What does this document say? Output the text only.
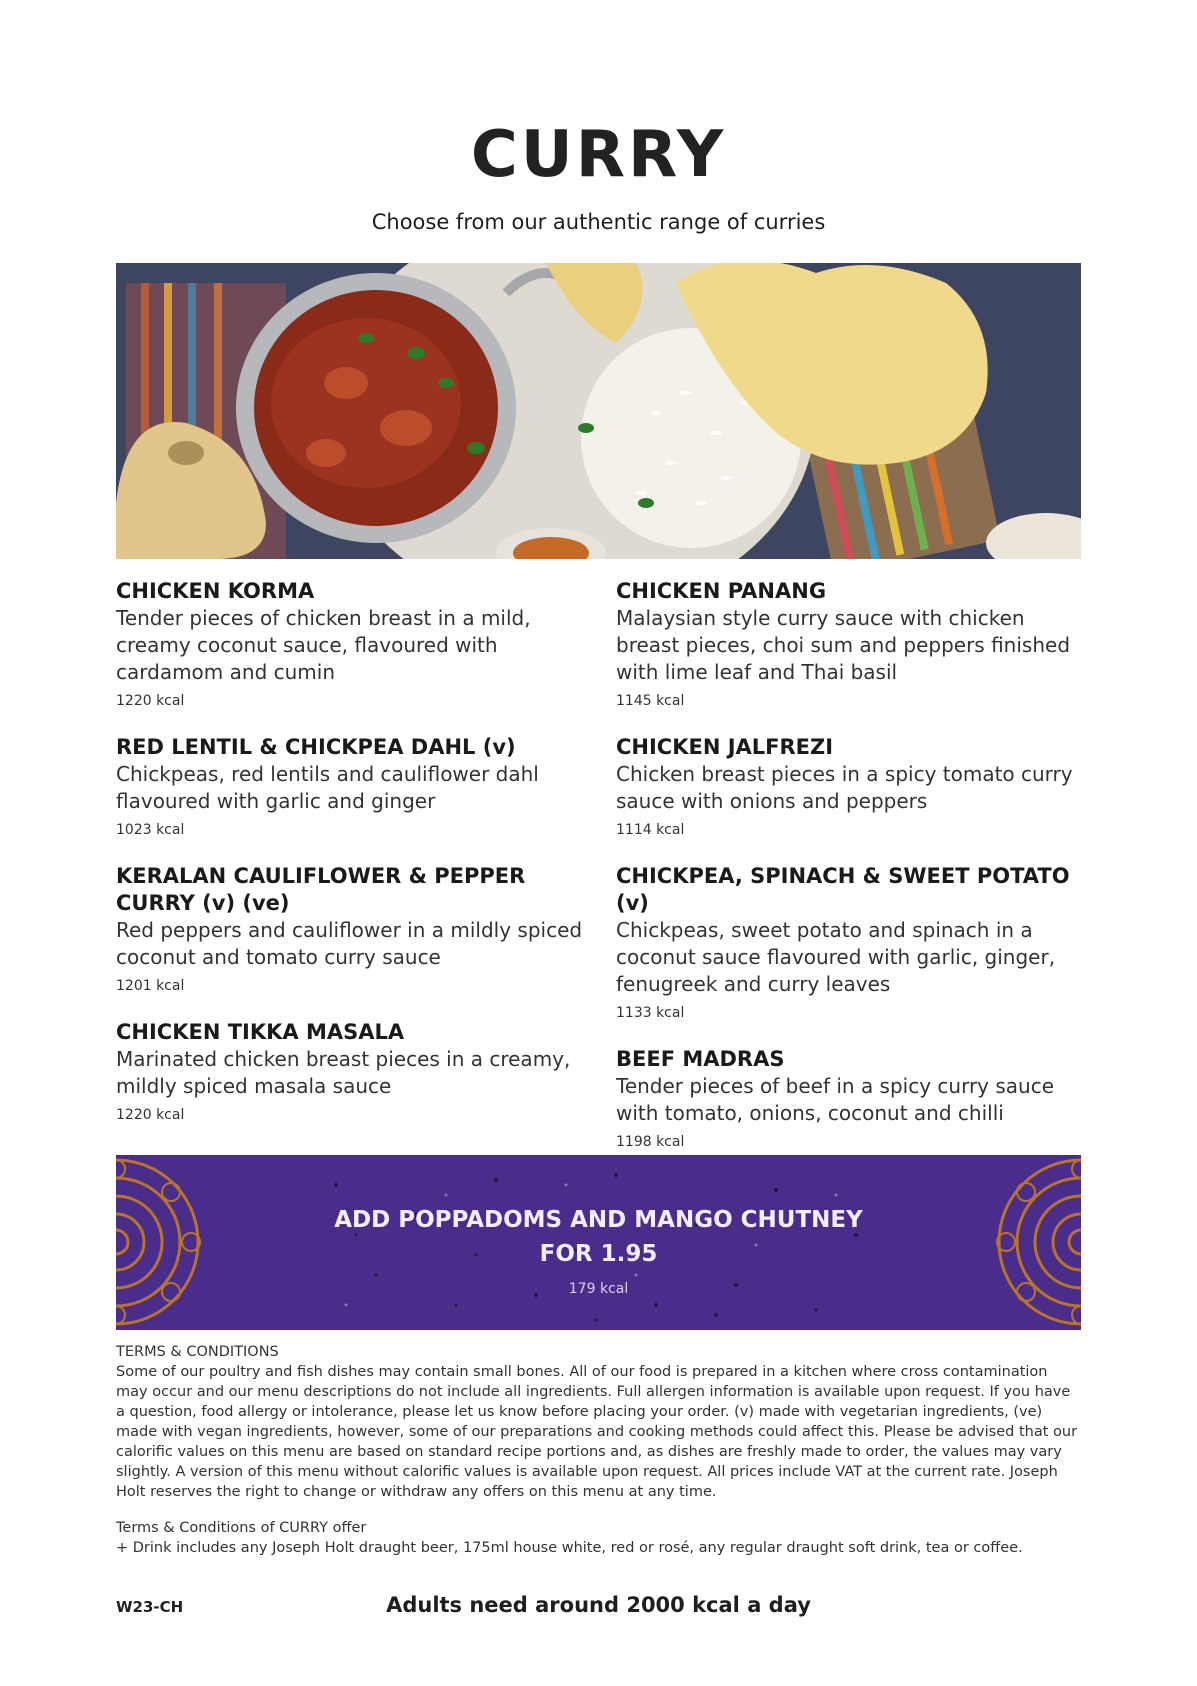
CURRY
Choose from our authentic range of curries

CHICKEN KORMA

Tender pieces of chicken breast in a mild, creamy coconut sauce, flavoured with cardamom and cumin

1220 kcal

RED LENTIL & CHICKPEA DAHL (v)

Chickpeas, red lentils and cauliflower dahl flavoured with garlic and ginger

1023 kcal

KERALAN CAULIFLOWER & PEPPER CURRY (v) (ve)

Red peppers and cauliflower in a mildly spiced coconut and tomato curry sauce

1201 kcal

CHICKEN TIKKA MASALA

Marinated chicken breast pieces in a creamy, mildly spiced masala sauce

1220 kcal

CHICKEN PANANG

Malaysian style curry sauce with chicken breast pieces, choi sum and peppers finished with lime leaf and Thai basil

1145 kcal

CHICKEN JALFREZI

Chicken breast pieces in a spicy tomato curry sauce with onions and peppers

1114 kcal

CHICKPEA, SPINACH & SWEET POTATO (v)

Chickpeas, sweet potato and spinach in a coconut sauce flavoured with garlic, ginger, fenugreek and curry leaves

1133 kcal

BEEF MADRAS

Tender pieces of beef in a spicy curry sauce with tomato, onions, coconut and chilli

1198 kcal
ADD POPPADOMS AND MANGO CHUTNEY
FOR 1.95
179 kcal

TERMS & CONDITIONS

Some of our poultry and fish dishes may contain small bones. All of our food is prepared in a kitchen where cross contamination may occur and our menu descriptions do not include all ingredients. Full allergen information is available upon request. If you have a question, food allergy or intolerance, please let us know before placing your order. (v) made with vegetarian ingredients, (ve) made with vegan ingredients, however, some of our preparations and cooking methods could affect this. Please be advised that our calorific values on this menu are based on standard recipe portions and, as dishes are freshly made to order, the values may vary slightly. A version of this menu without calorific values is available upon request. All prices include VAT at the current rate. Joseph Holt reserves the right to change or withdraw any offers on this menu at any time.

Terms & Conditions of CURRY offer

+ Drink includes any Joseph Holt draught beer, 175ml house white, red or rosé, any regular draught soft drink, tea or coffee.

W23-CH	Adults need around 2000 kcal a day
